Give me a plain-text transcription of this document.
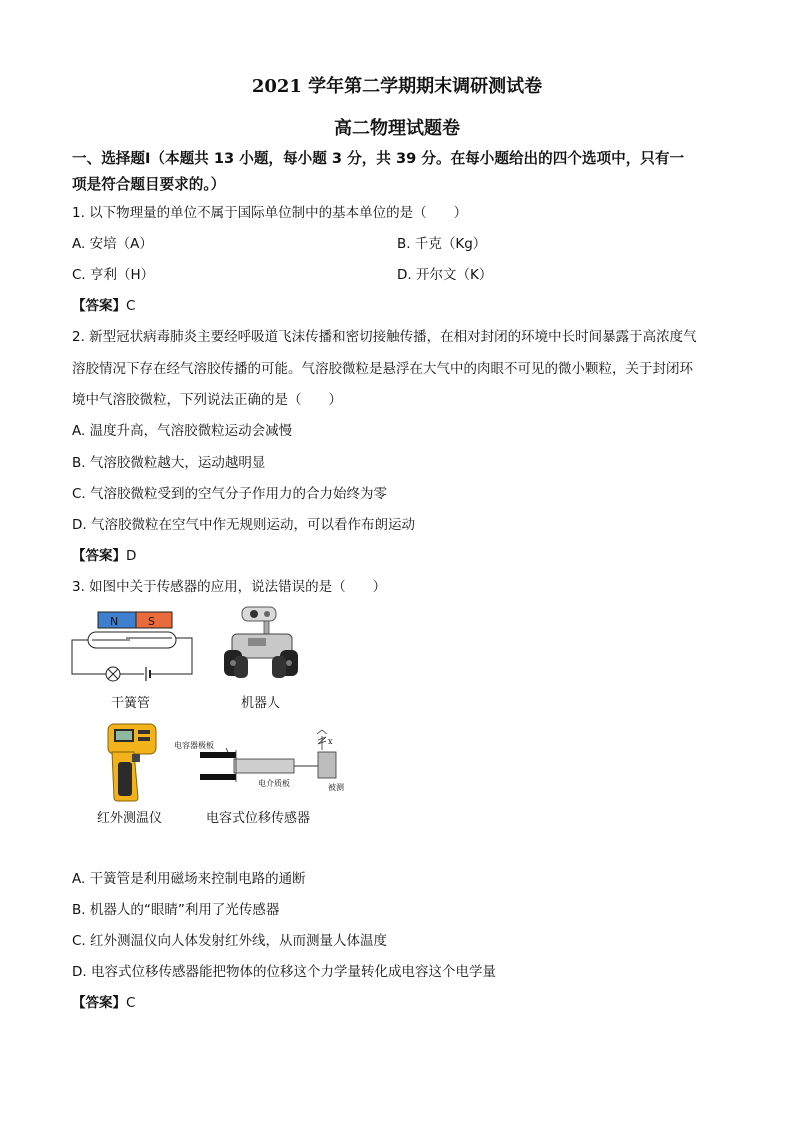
2021 学年第二学期期末调研测试卷
高二物理试题卷
一、选择题Ⅰ（本题共 13 小题，每小题 3 分，共 39 分。在每小题给出的四个选项中，只有一
项是符合题目要求的。）
1. 以下物理量的单位不属于国际单位制中的基本单位的是（　　）
A. 安培（A）	B. 千克（Kg）
C. 亨利（H）	D. 开尔文（K）
【答案】C
2. 新型冠状病毒肺炎主要经呼吸道飞沫传播和密切接触传播，在相对封闭的环境中长时间暴露于高浓度气
溶胶情况下存在经气溶胶传播的可能。气溶胶微粒是悬浮在大气中的肉眼不可见的微小颗粒，关于封闭环
境中气溶胶微粒，下列说法正确的是（　　）
A. 温度升高，气溶胶微粒运动会减慢
B. 气溶胶微粒越大，运动越明显
C. 气溶胶微粒受到的空气分子作用力的合力始终为零
D. 气溶胶微粒在空气中作无规则运动，可以看作布朗运动
【答案】D
3. 如图中关于传感器的应用，说法错误的是（　　）
N	S
干簧管	机器人
红外测温仪
电容器极板	x
电介质板	被测
电容式位移传感器
A. 干簧管是利用磁场来控制电路的通断
B. 机器人的“眼睛”利用了光传感器
C. 红外测温仪向人体发射红外线，从而测量人体温度
D. 电容式位移传感器能把物体的位移这个力学量转化成电容这个电学量
【答案】C
